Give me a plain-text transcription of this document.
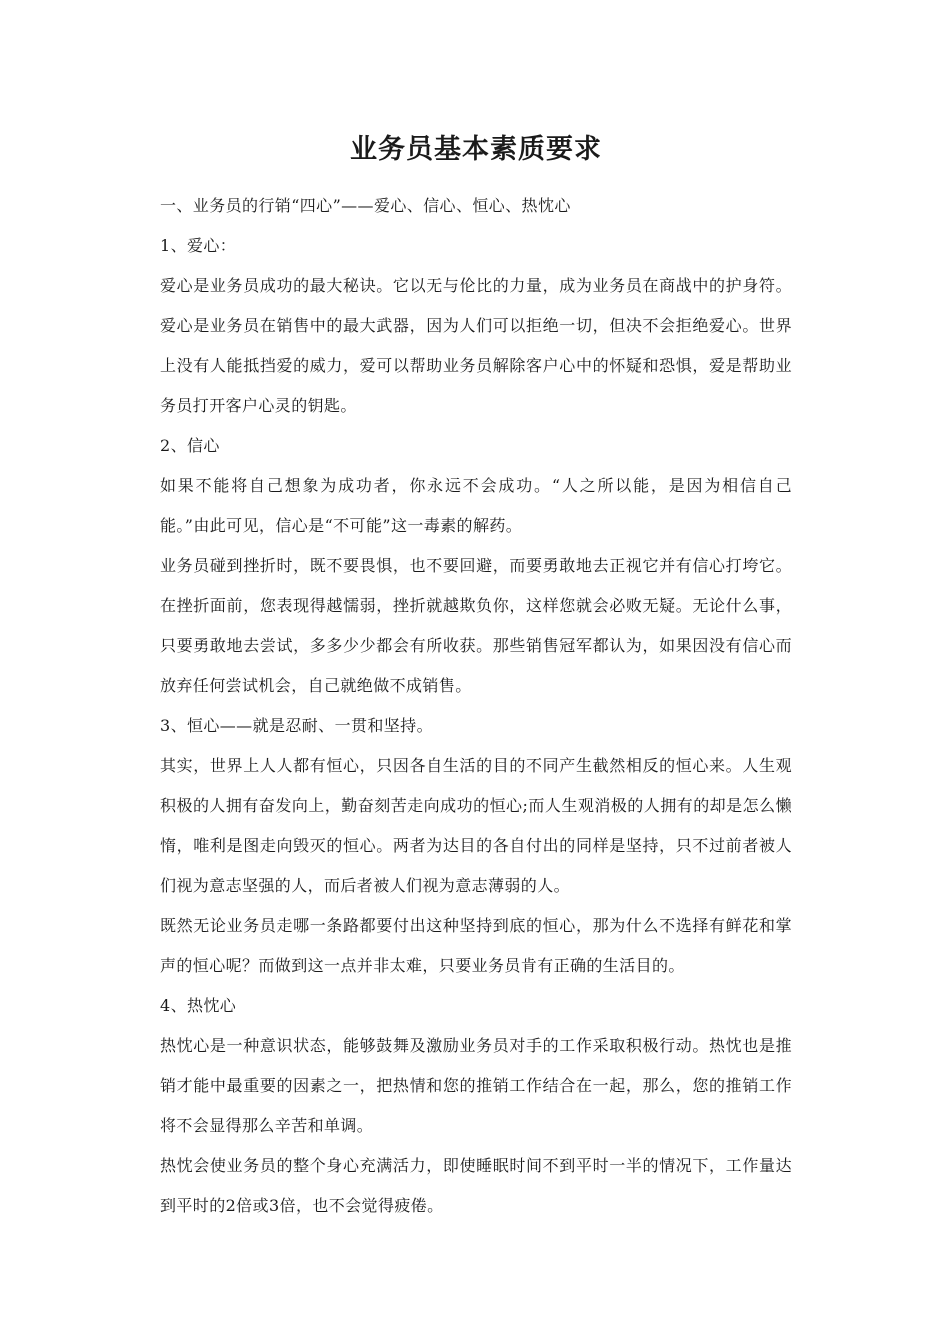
业务员基本素质要求

一、业务员的行销“四心”——爱心、信心、恒心、热忱心

1、爱心：

爱心是业务员成功的最大秘诀。它以无与伦比的力量，成为业务员在商战中的护身符。爱心是业务员在销售中的最大武器，因为人们可以拒绝一切，但决不会拒绝爱心。世界上没有人能抵挡爱的威力，爱可以帮助业务员解除客户心中的怀疑和恐惧，爱是帮助业务员打开客户心灵的钥匙。

2、信心

如果不能将自己想象为成功者，你永远不会成功。“人之所以能，是因为相信自己能。”由此可见，信心是“不可能”这一毒素的解药。

业务员碰到挫折时，既不要畏惧，也不要回避，而要勇敢地去正视它并有信心打垮它。在挫折面前，您表现得越懦弱，挫折就越欺负你，这样您就会必败无疑。无论什么事，只要勇敢地去尝试，多多少少都会有所收获。那些销售冠军都认为，如果因没有信心而放弃任何尝试机会，自己就绝做不成销售。

3、恒心——就是忍耐、一贯和坚持。

其实，世界上人人都有恒心，只因各自生活的目的不同产生截然相反的恒心来。人生观积极的人拥有奋发向上，勤奋刻苦走向成功的恒心;而人生观消极的人拥有的却是怎么懒惰，唯利是图走向毁灭的恒心。两者为达目的各自付出的同样是坚持，只不过前者被人们视为意志坚强的人，而后者被人们视为意志薄弱的人。

既然无论业务员走哪一条路都要付出这种坚持到底的恒心，那为什么不选择有鲜花和掌声的恒心呢？而做到这一点并非太难，只要业务员肯有正确的生活目的。

4、热忱心

热忱心是一种意识状态，能够鼓舞及激励业务员对手的工作采取积极行动。热忱也是推销才能中最重要的因素之一，把热情和您的推销工作结合在一起，那么，您的推销工作将不会显得那么辛苦和单调。

热忱会使业务员的整个身心充满活力，即使睡眠时间不到平时一半的情况下，工作量达到平时的2倍或3倍，也不会觉得疲倦。
